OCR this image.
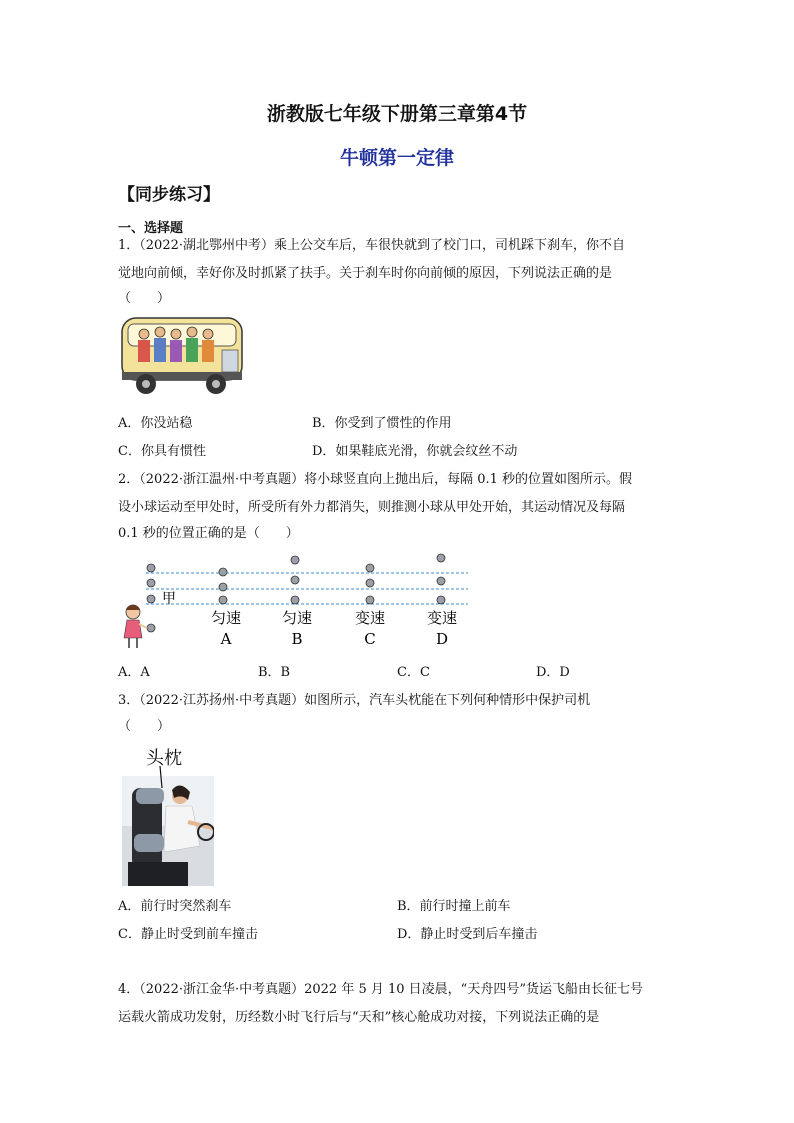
浙教版七年级下册第三章第4节
牛顿第一定律
【同步练习】
一、选择题
1．（2022·湖北鄂州中考）乘上公交车后，车很快就到了校门口，司机踩下刹车，你不自
觉地向前倾，幸好你及时抓紧了扶手。关于刹车时你向前倾的原因，下列说法正确的是
（　　）
A．你没站稳	B．你受到了惯性的作用
C．你具有惯性	D．如果鞋底光滑，你就会纹丝不动
2．（2022·浙江温州·中考真题）将小球竖直向上抛出后，每隔 0.1 秒的位置如图所示。假
设小球运动至甲处时，所受所有外力都消失，则推测小球从甲处开始，其运动情况及每隔
0.1 秒的位置正确的是（　　）
甲
匀速	匀速	变速	变速
A	B	C	D
A．A	B．B	C．C	D．D
3．（2022·江苏扬州·中考真题）如图所示，汽车头枕能在下列何种情形中保护司机
（　　）
头枕
A．前行时突然刹车	B．前行时撞上前车
C．静止时受到前车撞击	D．静止时受到后车撞击
4．（2022·浙江金华·中考真题）2022 年 5 月 10 日凌晨，“天舟四号”货运飞船由长征七号
运载火箭成功发射，历经数小时飞行后与“天和”核心舱成功对接，下列说法正确的是
